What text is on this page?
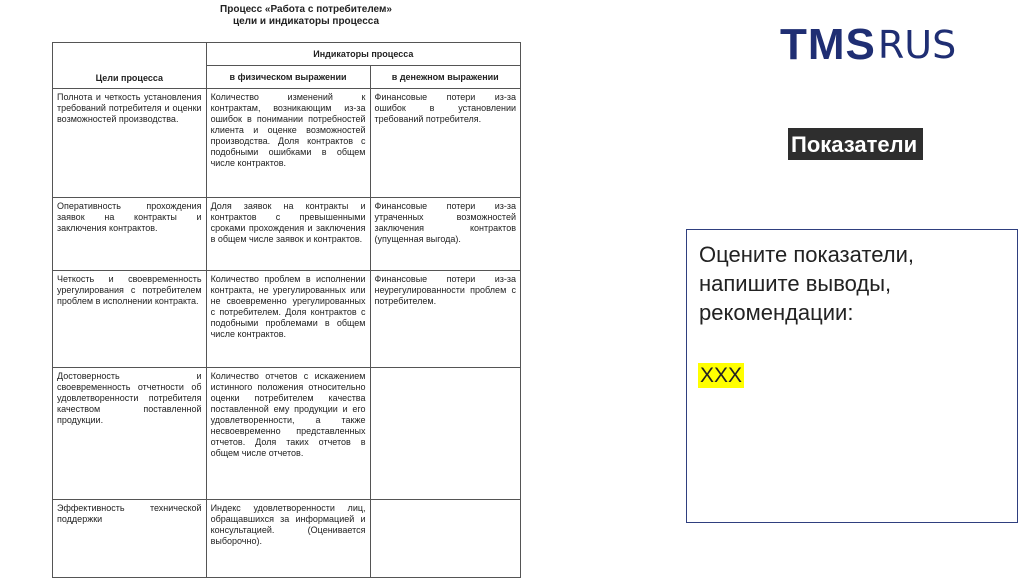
Процесс «Работа с потребителем»
цели и индикаторы процесса
Цели процесса	Индикаторы процесса	
	в физическом выражении	в денежном выражении
Полнота и четкость установления требований потребителя и оценки возможностей производства.	Количество изменений к контрактам, возникающим из-за ошибок в понимании потребностей клиента и оценке возможностей производства. Доля контрактов с подобными ошибками в общем числе контрактов.	Финансовые потери из-за ошибок в установлении требований потребителя.
Оперативность прохождения заявок на контракты и заключения контрактов.	Доля заявок на контракты и контрактов с превышенными сроками прохождения и заключения в общем числе заявок и контрактов.	Финансовые потери из-за утраченных возможностей заключения контрактов (упущенная выгода).
Четкость и своевременность урегулирования с потребителем проблем в исполнении контракта.	Количество проблем в исполнении контракта, не урегулированных или не своевременно урегулированных с потребителем. Доля контрактов с подобными проблемами в общем числе контрактов.	Финансовые потери из-за неурегулированности проблем с потребителем.
Достоверность и своевременность отчетности об удовлетворенности потребителя качеством поставленной продукции.	Количество отчетов с искажением истинного положения относительно оценки потребителем качества поставленной ему продукции и его удовлетворенности, а также несвоевременно представленных отчетов. Доля таких отчетов в общем числе отчетов.	
Эффективность технической поддержки	Индекс удовлетворенности лиц, обращавшихся за информацией и консультацией. (Оценивается выборочно).	
TMS RUS
Показатели
Оцените показатели,
напишите выводы,
рекомендации:
ХХХ
